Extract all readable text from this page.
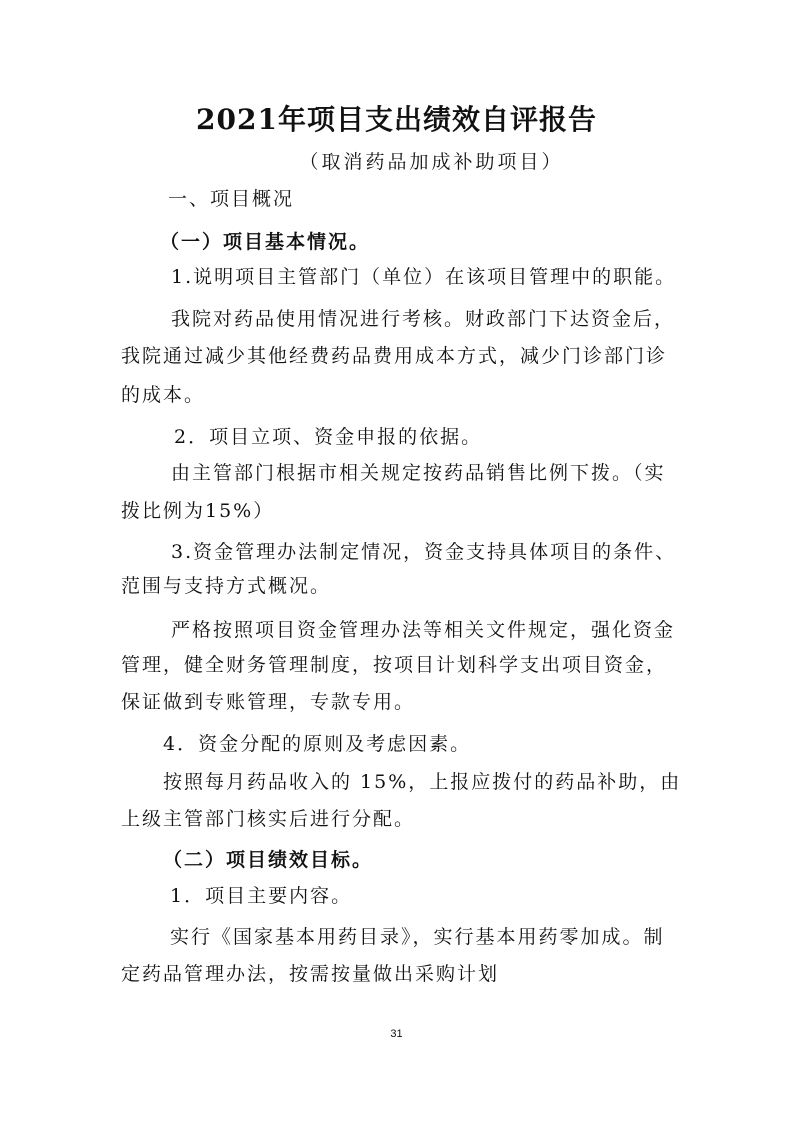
2021年项目支出绩效自评报告
（取消药品加成补助项目）
一、项目概况
（一）项目基本情况。
1.说明项目主管部门（单位）在该项目管理中的职能。
我院对药品使用情况进行考核。财政部门下达资金后，
我院通过减少其他经费药品费用成本方式，减少门诊部门诊
的成本。
2．项目立项、资金申报的依据。
由主管部门根据市相关规定按药品销售比例下拨。（实
拨比例为15%）
3.资金管理办法制定情况，资金支持具体项目的条件、
范围与支持方式概况。
严格按照项目资金管理办法等相关文件规定，强化资金
管理，健全财务管理制度，按项目计划科学支出项目资金，
保证做到专账管理，专款专用。
4．资金分配的原则及考虑因素。
按照每月药品收入的 15%，上报应拨付的药品补助，由
上级主管部门核实后进行分配。
（二）项目绩效目标。
1．项目主要内容。
实行《国家基本用药目录》，实行基本用药零加成。制
定药品管理办法，按需按量做出采购计划
31
